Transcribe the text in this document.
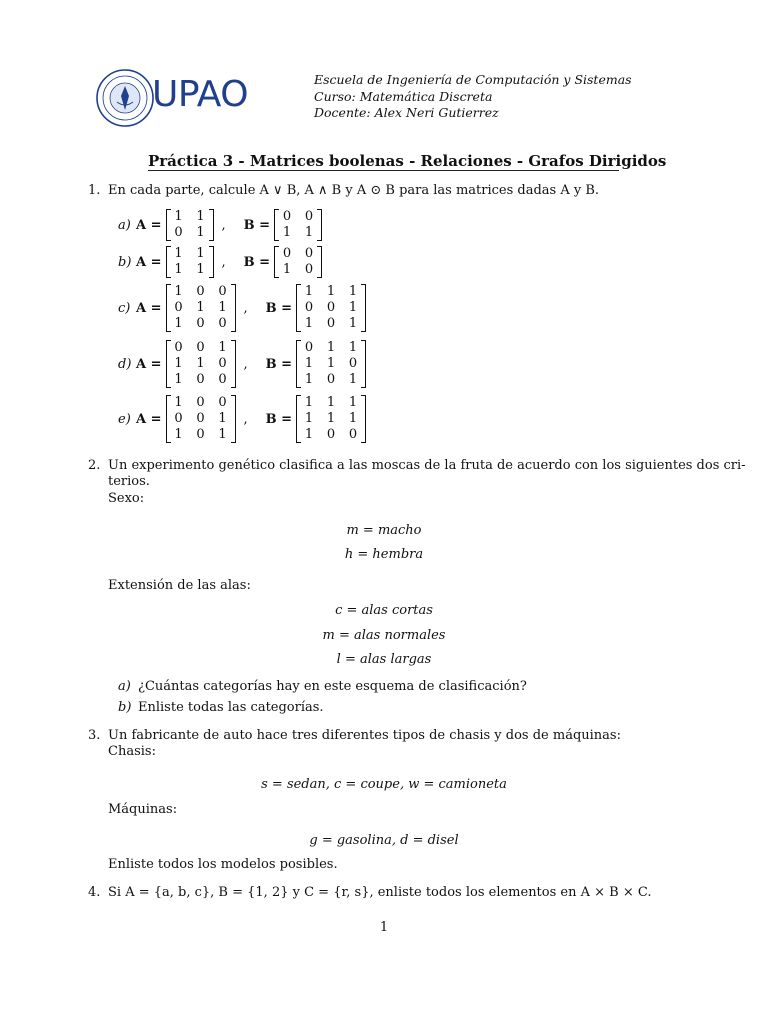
UPAO	Escuela de Ingeniería de Computación y Sistemas
Curso: Matemática Discreta
Docente: Alex Neri Gutierrez
Práctica 3 - Matrices boolenas - Relaciones - Grafos Dirigidos
1. En cada parte, calcule A ∨ B, A ∧ B y A ⊙ B para las matrices dadas A y B.
a) A =
1 1
0 1 , B =
0 0
1 1
b) A =
1 1
1 1 , B =
0 0
1 0
c) A =
1 0 0
0 1 1
1 0 0
, B =
1 1 1
0 0 1
1 0 1
d) A =
0 0 1
1 1 0
1 0 0
, B =
0 1 1
1 1 0
1 0 1
e) A =
1 0 0
0 0 1
1 0 1
, B =
1 1 1
1 1 1
1 0 0
2. Un experimento genético clasifica a las moscas de la fruta de acuerdo con los siguientes dos cri-
terios.
Sexo:
m = macho
h = hembra
Extensión de las alas:
c = alas cortas
m = alas normales
l = alas largas
a) ¿Cuántas categorías hay en este esquema de clasificación?
b) Enliste todas las categorías.
3. Un fabricante de auto hace tres diferentes tipos de chasis y dos de máquinas:
Chasis:
s = sedan, c = coupe, w = camioneta
Máquinas:
g = gasolina, d = disel
Enliste todos los modelos posibles.
4. Si A = {a, b, c}, B = {1, 2} y C = {r, s}, enliste todos los elementos en A × B × C.
1
